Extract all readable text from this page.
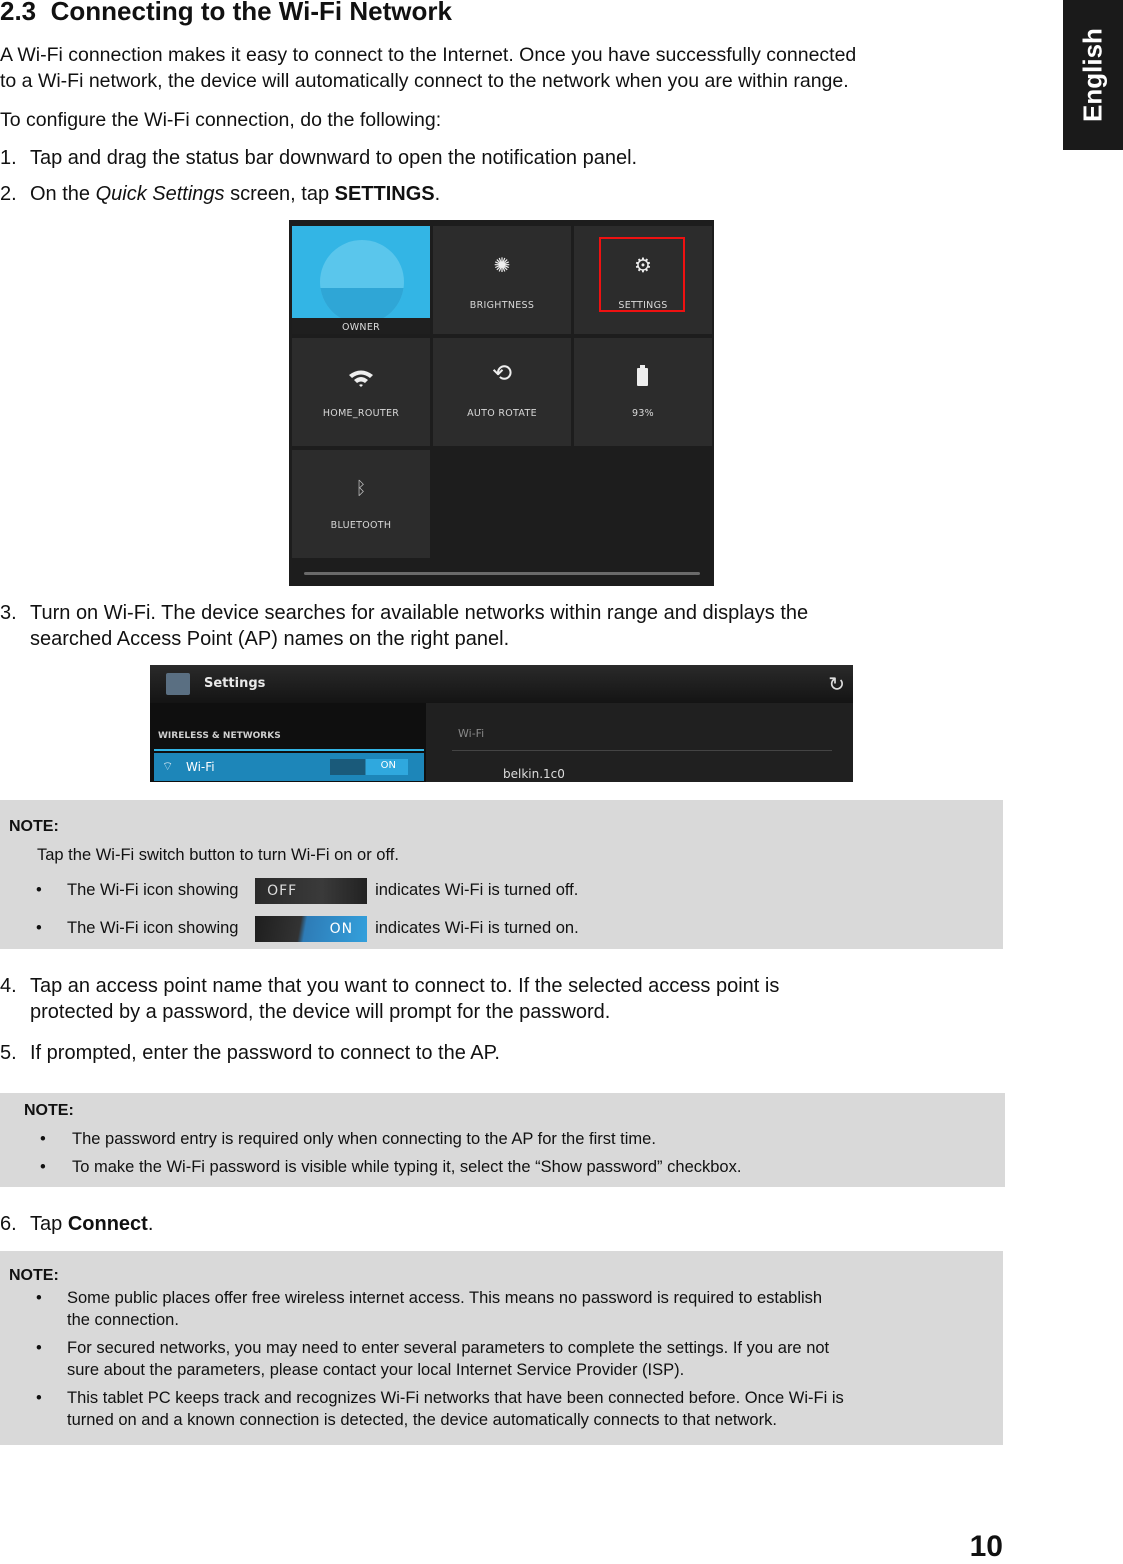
English
2.3 Connecting to the Wi-Fi Network

A Wi-Fi connection makes it easy to connect to the Internet. Once you have successfully connected

to a Wi-Fi network, the device will automatically connect to the network when you are within range.

To configure the Wi-Fi connection, do the following:

1. Tap and drag the status bar downward to open the notification panel.

2. On the Quick Settings screen, tap SETTINGS.

OWNER
✺
BRIGHTNESS
⚙
SETTINGS
HOME_ROUTER
⟲
AUTO ROTATE	93%
ᛒ
BLUETOOTH
3. Turn on Wi-Fi. The device searches for available networks within range and displays the
searched Access Point (AP) names on the right panel.
Settings	↻
WIRELESS & NETWORKS
⌔ Wi-Fi	ON
Wi-Fi
belkin.1c0
NOTE:
Tap the Wi-Fi switch button to turn Wi-Fi on or off.
• The Wi-Fi icon showing OFF	indicates Wi-Fi is turned off.
• The Wi-Fi icon showing	ON indicates Wi-Fi is turned on.
4. Tap an access point name that you want to connect to. If the selected access point is
protected by a password, the device will prompt for the password.

5. If prompted, enter the password to connect to the AP.

NOTE:
• The password entry is required only when connecting to the AP for the first time.
• To make the Wi-Fi password is visible while typing it, select the “Show password” checkbox.

6. Tap Connect.

NOTE:
• Some public places offer free wireless internet access. This means no password is required to establish
the connection.
• For secured networks, you may need to enter several parameters to complete the settings. If you are not
sure about the parameters, please contact your local Internet Service Provider (ISP).
• This tablet PC keeps track and recognizes Wi-Fi networks that have been connected before. Once Wi-Fi is
turned on and a known connection is detected, the device automatically connects to that network.
10
